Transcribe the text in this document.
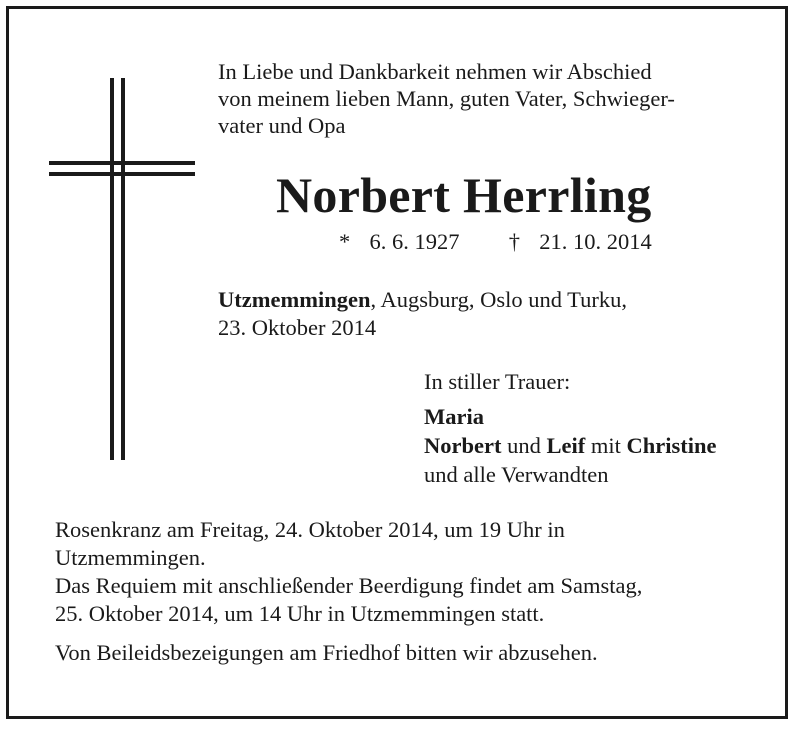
In Liebe und Dankbarkeit nehmen wir Abschied

von meinem lieben Mann, guten Vater, Schwieger-

vater und Opa

Norbert Herrling
* 6. 6. 1927 † 21. 10. 2014
Utzmemmingen, Augsburg, Oslo und Turku,
23. Oktober 2014
In stiller Trauer:
Maria
Norbert und Leif mit Christine
und alle Verwandten
Rosenkranz am Freitag, 24. Oktober 2014, um 19 Uhr in
Utzmemmingen.
Das Requiem mit anschließender Beerdigung findet am Samstag,
25. Oktober 2014, um 14 Uhr in Utzmemmingen statt.
Von Beileidsbezeigungen am Friedhof bitten wir abzusehen.
